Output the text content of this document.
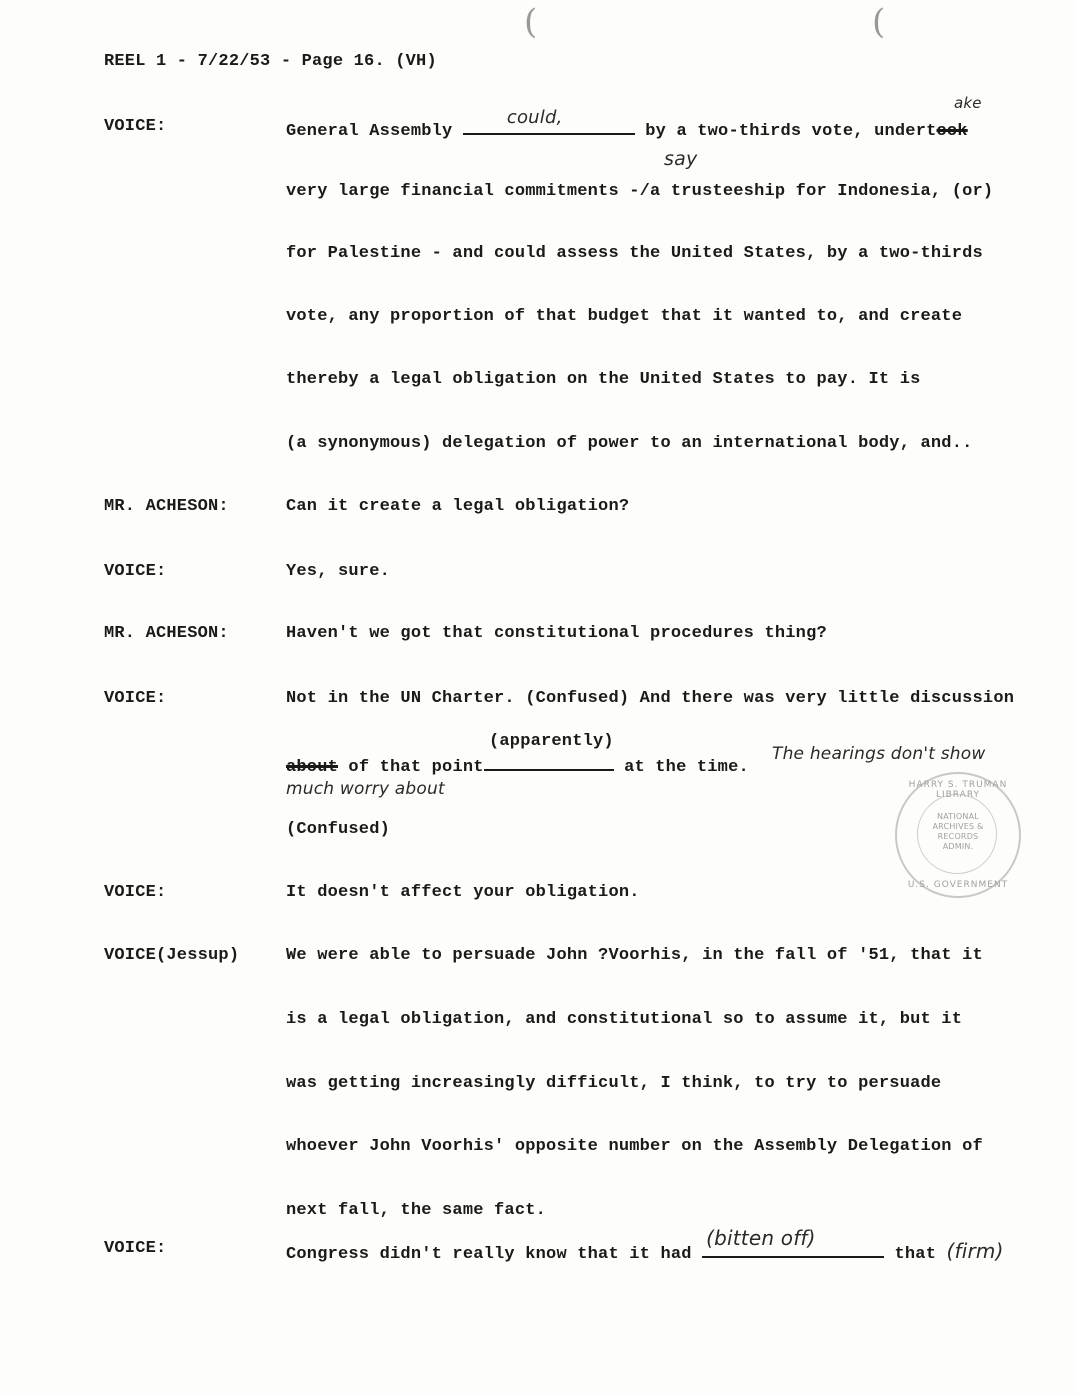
(	(
REEL 1 - 7/22/53 - Page 16. (VH)
VOICE:	General Assembly
could,
by a two-thirds vote, undertook
ake
say
very large financial commitments -/a trusteeship for Indonesia, (or)
for Palestine - and could assess the United States, by a two-thirds
vote, any proportion of that budget that it wanted to, and create
thereby a legal obligation on the United States to pay. It is
(a synonymous) delegation of power to an international body, and..
MR. ACHESON:	Can it create a legal obligation?
VOICE:	Yes, sure.
MR. ACHESON:	Haven't we got that constitutional procedures thing?
VOICE:	Not in the UN Charter. (Confused) And there was very little discussion
(apparently)
about of that point	at the time.
The hearings don't show
much worry about
(Confused)
HARRY S. TRUMAN LIBRARY
NATIONAL
ARCHIVES &
RECORDS
ADMIN.
U.S. GOVERNMENT
VOICE:	It doesn't affect your obligation.
VOICE(Jessup)	We were able to persuade John ?Voorhis, in the fall of '51, that it
is a legal obligation, and constitutional so to assume it, but it
was getting increasingly difficult, I think, to try to persuade
whoever John Voorhis' opposite number on the Assembly Delegation of
next fall, the same fact.
VOICE:	Congress didn't really know that it had
(bitten off)
that (firm)
